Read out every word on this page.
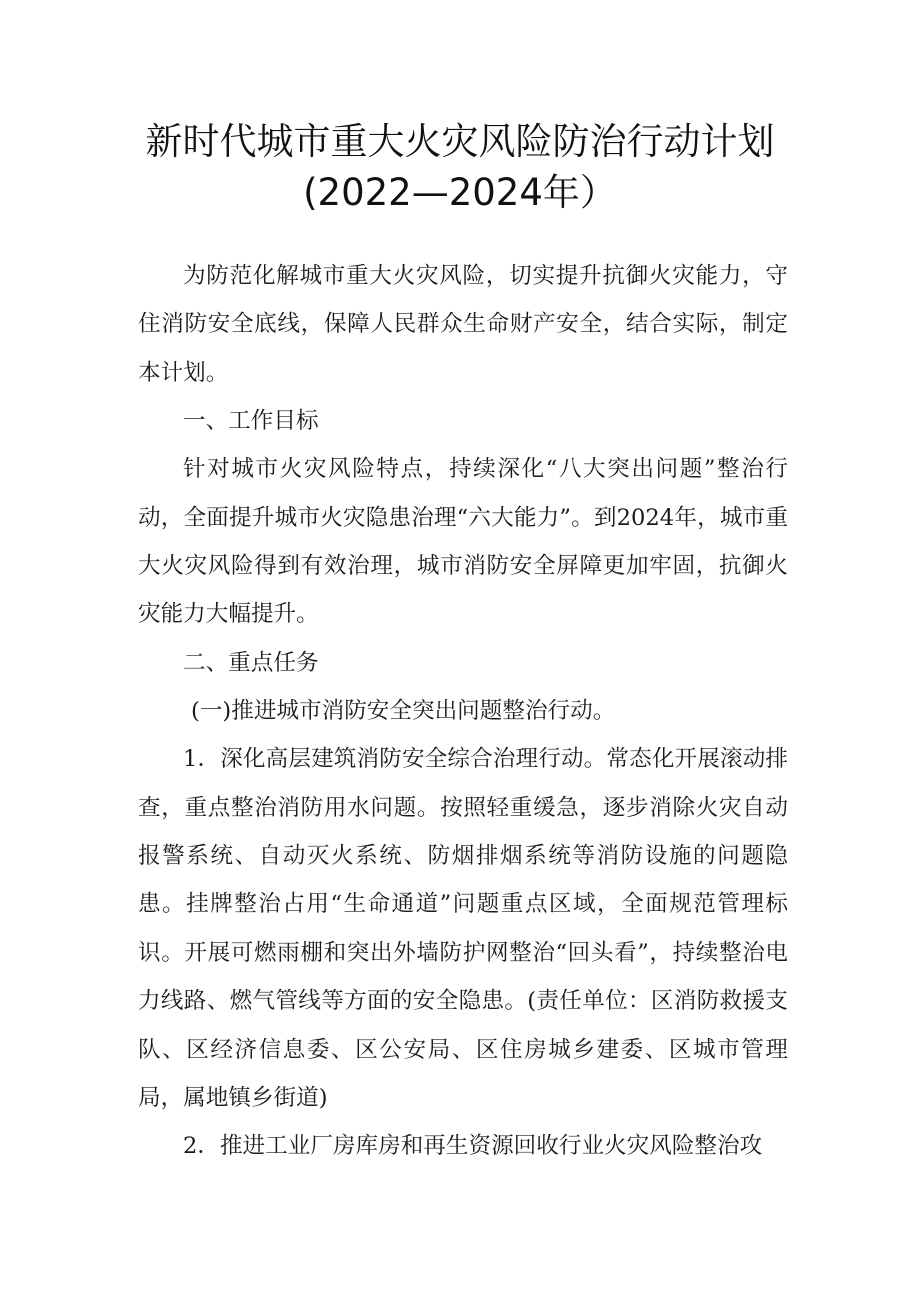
新时代城市重大火灾风险防治行动计划
(2022—2024年）

为防范化解城市重大火灾风险，切实提升抗御火灾能力，守住消防安全底线，保障人民群众生命财产安全，结合实际，制定本计划。

一、工作目标

针对城市火灾风险特点，持续深化“八大突出问题”整治行动，全面提升城市火灾隐患治理“六大能力”。到2024年，城市重大火灾风险得到有效治理，城市消防安全屏障更加牢固，抗御火灾能力大幅提升。

二、重点任务

(一)推进城市消防安全突出问题整治行动。

1．深化高层建筑消防安全综合治理行动。常态化开展滚动排查，重点整治消防用水问题。按照轻重缓急，逐步消除火灾自动报警系统、自动灭火系统、防烟排烟系统等消防设施的问题隐患。挂牌整治占用“生命通道”问题重点区域，全面规范管理标识。开展可燃雨棚和突出外墙防护网整治“回头看”，持续整治电力线路、燃气管线等方面的安全隐患。(责任单位：区消防救援支队、区经济信息委、区公安局、区住房城乡建委、区城市管理局，属地镇乡街道)

2．推进工业厂房库房和再生资源回收行业火灾风险整治攻
